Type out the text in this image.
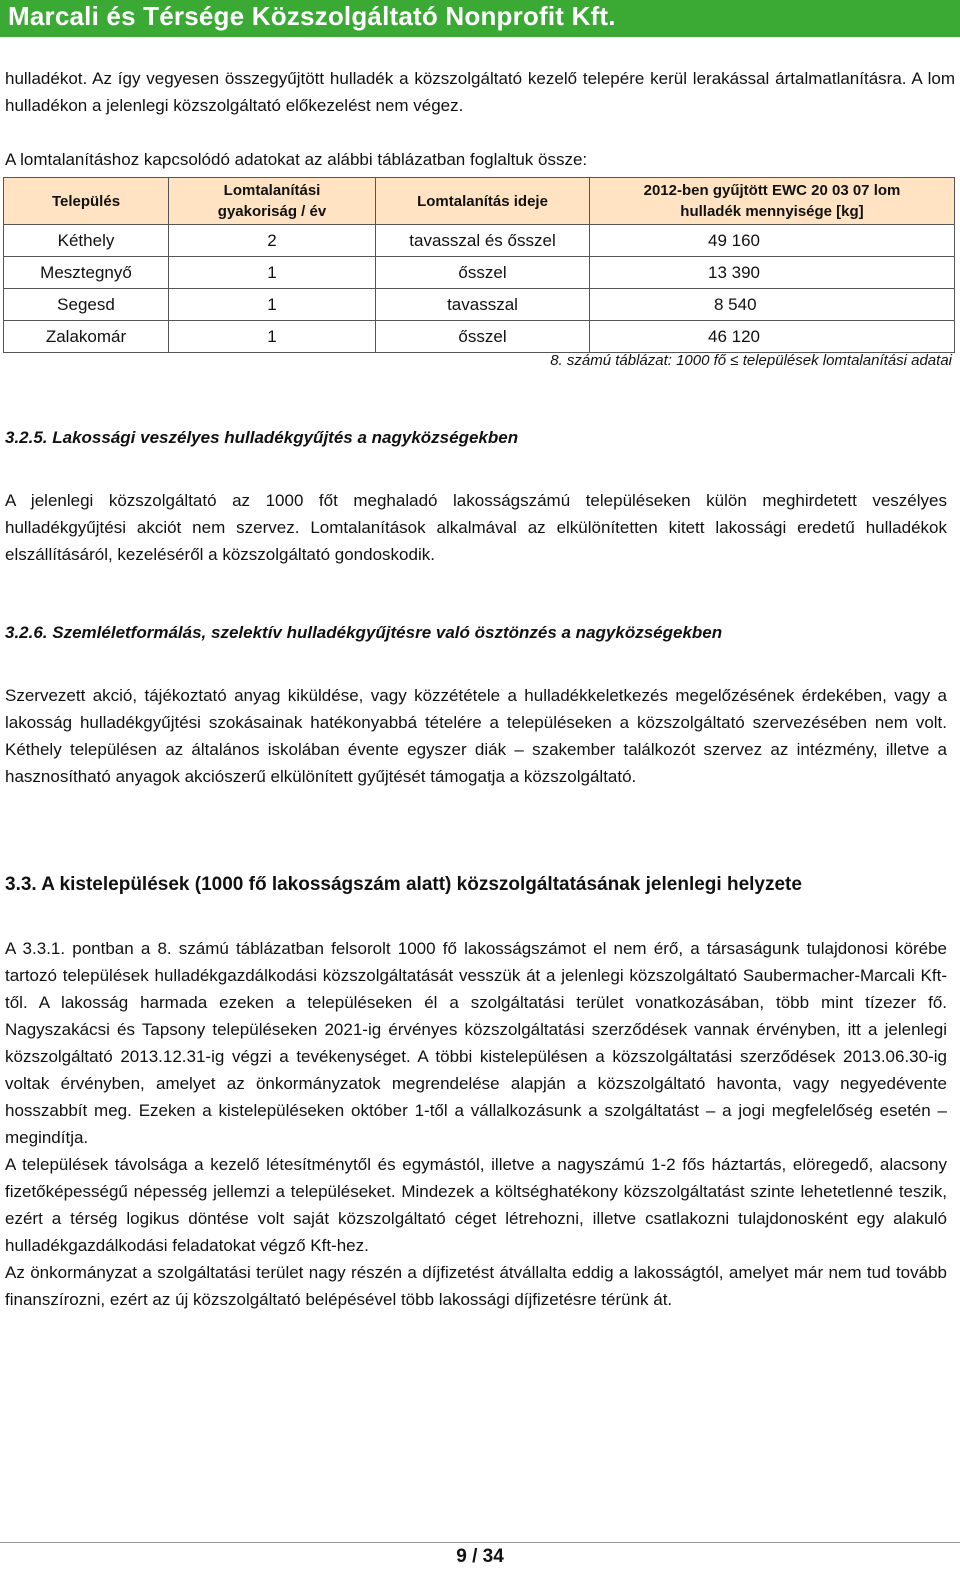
Marcali és Térsége Közszolgáltató Nonprofit Kft.

hulladékot. Az így vegyesen összegyűjtött hulladék a közszolgáltató kezelő telepére kerül lerakással ártalmatlanításra. A lom hulladékon a jelenlegi közszolgáltató előkezelést nem végez.

A lomtalanításhoz kapcsolódó adatokat az alábbi táblázatban foglaltuk össze:

Település	Lomtalanítási gyakoriság / év	Lomtalanítás ideje	2012-ben gyűjtött EWC 20 03 07 lom hulladék mennyisége [kg]
Kéthely	2	tavasszal és ősszel	49 160
Mesztegnyő	1	ősszel	13 390
Segesd	1	tavasszal	8 540
Zalakomár	1	ősszel	46 120
8. számú táblázat: 1000 fő ≤ települések lomtalanítási adatai
3.2.5. Lakossági veszélyes hulladékgyűjtés a nagyközségekben

A jelenlegi közszolgáltató az 1000 főt meghaladó lakosságszámú településeken külön meghirdetett veszélyes hulladékgyűjtési akciót nem szervez. Lomtalanítások alkalmával az elkülönítetten kitett lakossági eredetű hulladékok elszállításáról, kezeléséről a közszolgáltató gondoskodik.

3.2.6. Szemléletformálás, szelektív hulladékgyűjtésre való ösztönzés a nagyközségekben

Szervezett akció, tájékoztató anyag kiküldése, vagy közzététele a hulladékkeletkezés megelőzésének érdekében, vagy a lakosság hulladékgyűjtési szokásainak hatékonyabbá tételére a településeken a közszolgáltató szervezésében nem volt. Kéthely településen az általános iskolában évente egyszer diák – szakember találkozót szervez az intézmény, illetve a hasznosítható anyagok akciószerű elkülönített gyűjtését támogatja a közszolgáltató.

3.3. A kistelepülések (1000 fő lakosságszám alatt) közszolgáltatásának jelenlegi helyzete

A 3.3.1. pontban a 8. számú táblázatban felsorolt 1000 fő lakosságszámot el nem érő, a társaságunk tulajdonosi körébe tartozó települések hulladékgazdálkodási közszolgáltatását vesszük át a jelenlegi közszolgáltató Saubermacher-Marcali Kft-től. A lakosság harmada ezeken a településeken él a szolgáltatási terület vonatkozásában, több mint tízezer fő. Nagyszakácsi és Tapsony településeken 2021-ig érvényes közszolgáltatási szerződések vannak érvényben, itt a jelenlegi közszolgáltató 2013.12.31-ig végzi a tevékenységet. A többi kistelepülésen a közszolgáltatási szerződések 2013.06.30-ig voltak érvényben, amelyet az önkormányzatok megrendelése alapján a közszolgáltató havonta, vagy negyedévente hosszabbít meg. Ezeken a kistelepüléseken október 1-től a vállalkozásunk a szolgáltatást – a jogi megfelelőség esetén – megindítja.

A települések távolsága a kezelő létesítménytől és egymástól, illetve a nagyszámú 1-2 fős háztartás, elöregedő, alacsony fizetőképességű népesség jellemzi a településeket. Mindezek a költséghatékony közszolgáltatást szinte lehetetlenné teszik, ezért a térség logikus döntése volt saját közszolgáltató céget létrehozni, illetve csatlakozni tulajdonosként egy alakuló hulladékgazdálkodási feladatokat végző Kft-hez.

Az önkormányzat a szolgáltatási terület nagy részén a díjfizetést átvállalta eddig a lakosságtól, amelyet már nem tud tovább finanszírozni, ezért az új közszolgáltató belépésével több lakossági díjfizetésre térünk át.

9 / 34
